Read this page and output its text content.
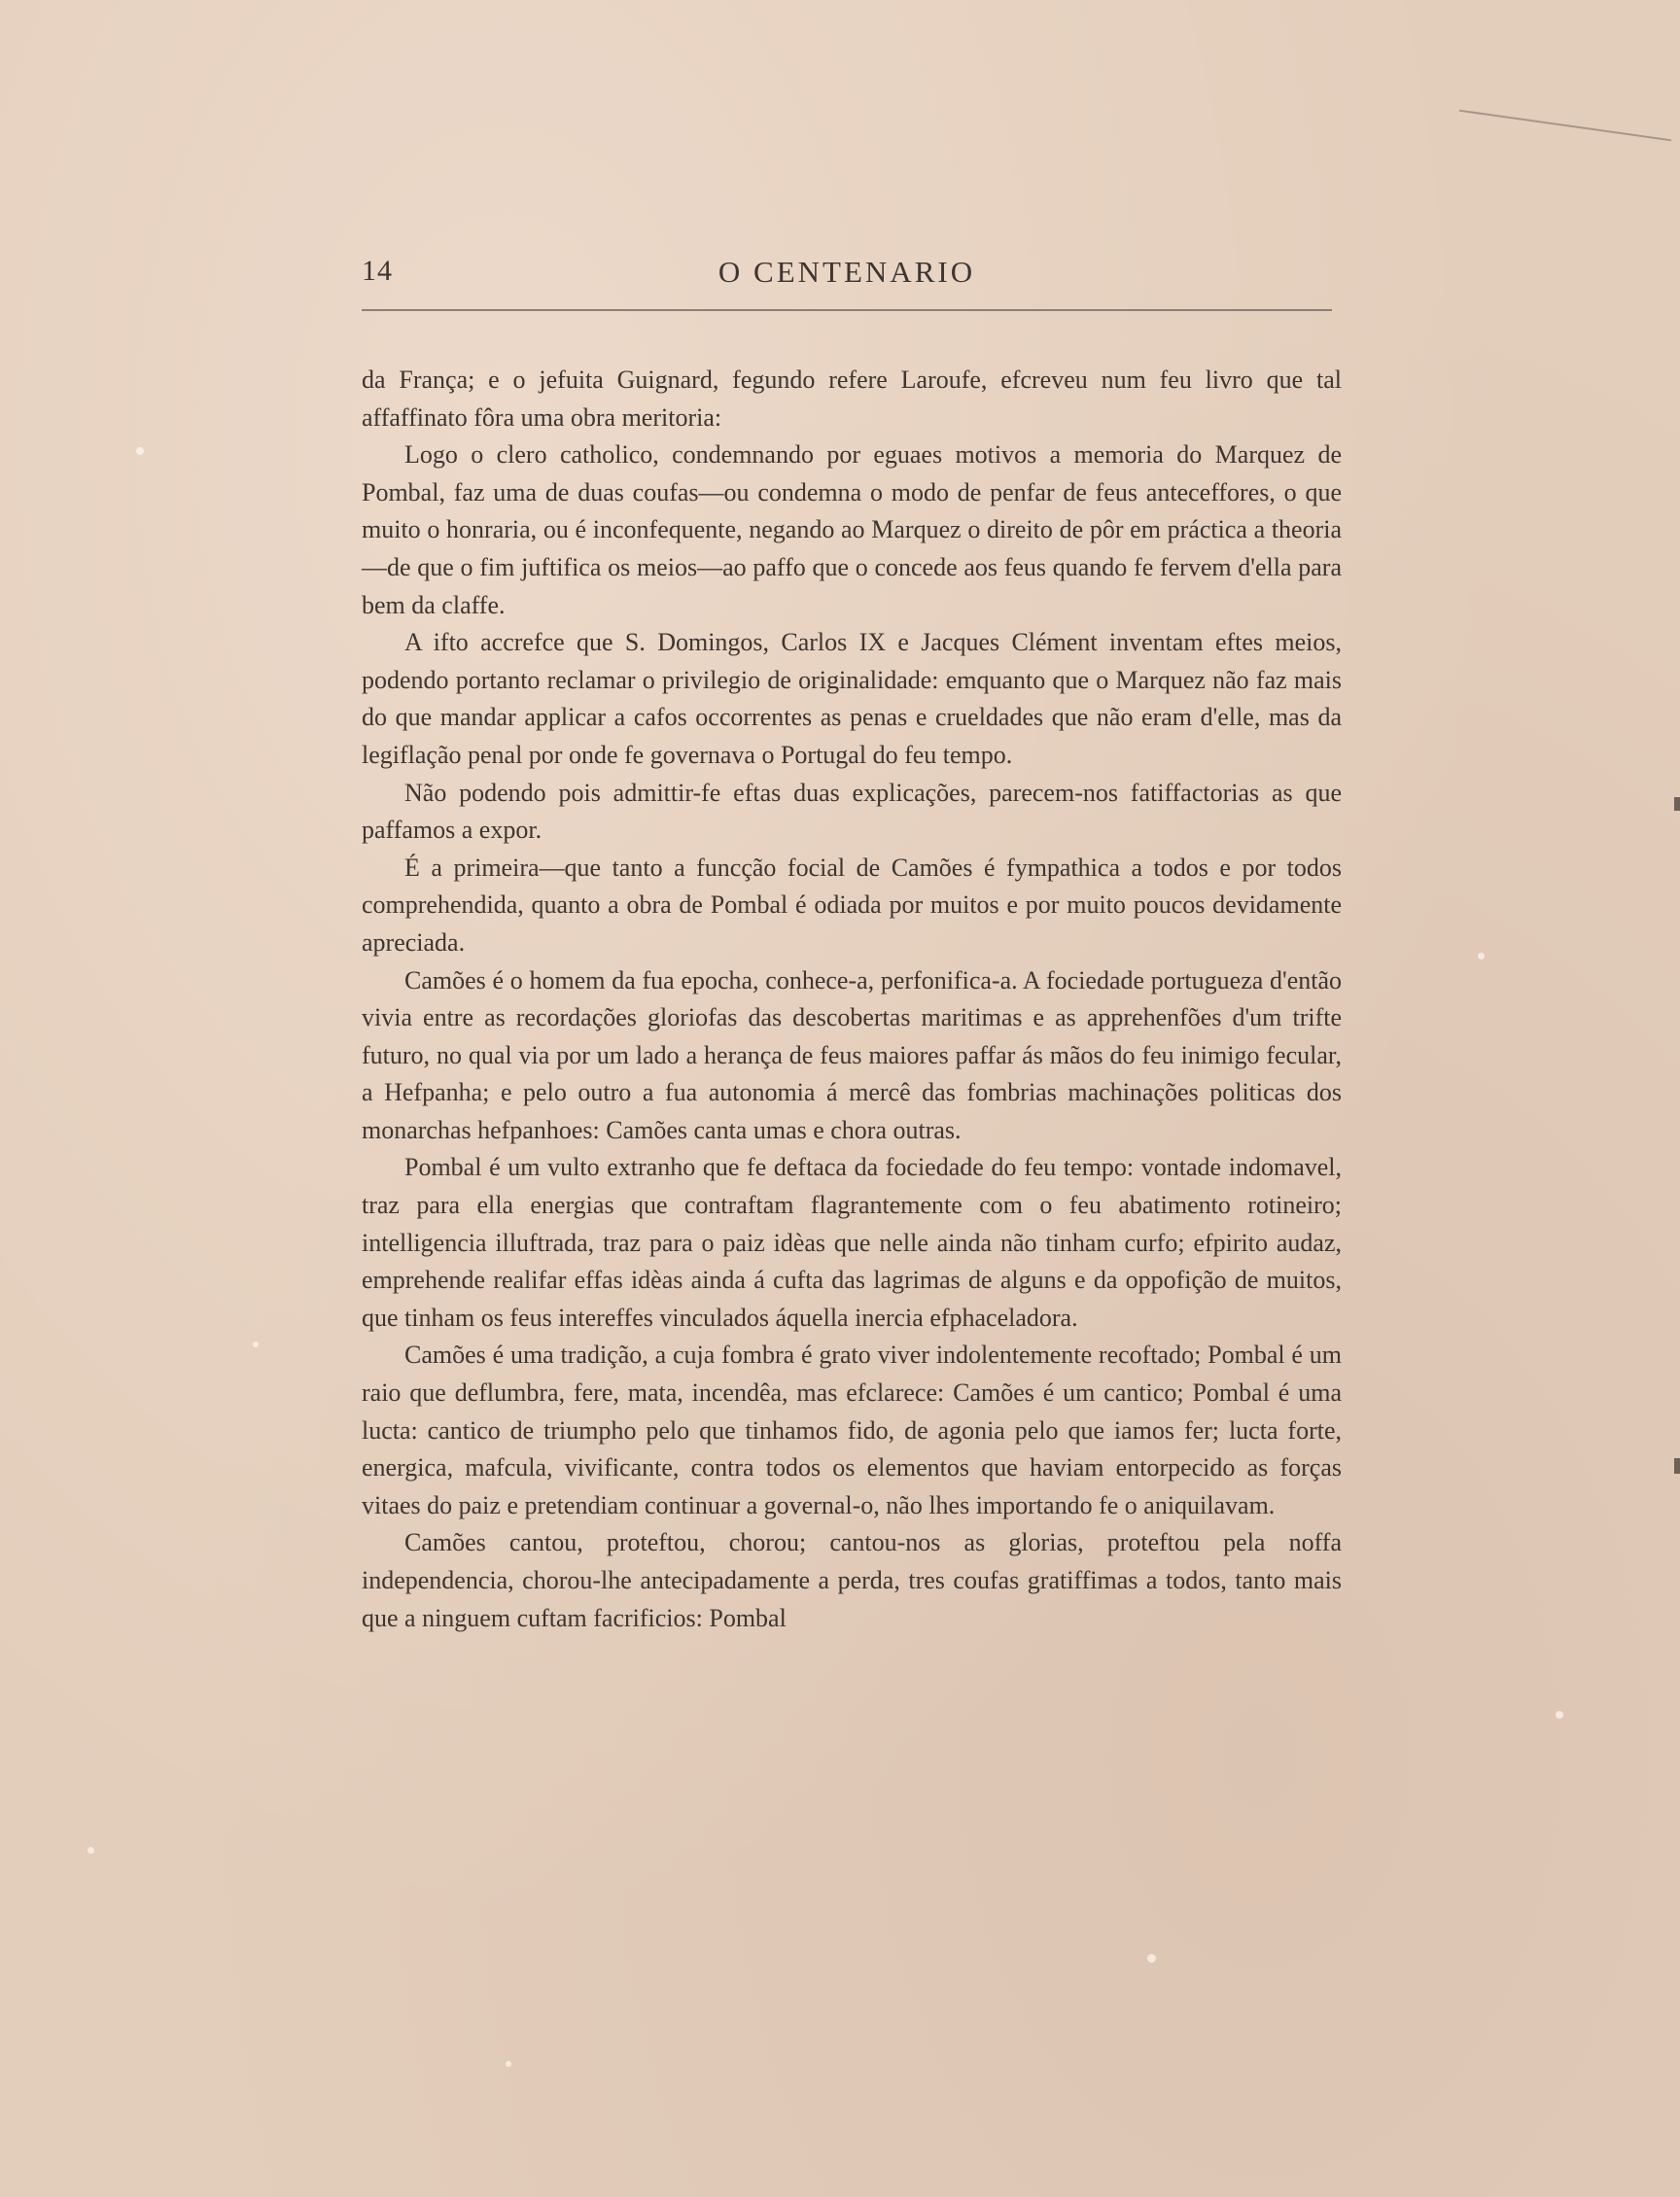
14	O CENTENARIO

da França; e o jefuita Guignard, fegundo refere Laroufe, efcreveu num feu livro que tal affaffinato fôra uma obra meritoria:

Logo o clero catholico, condemnando por eguaes motivos a memoria do Marquez de Pombal, faz uma de duas coufas—ou condemna o modo de penfar de feus anteceffores, o que muito o honraria, ou é inconfequente, negando ao Marquez o direito de pôr em práctica a theoria—de que o fim juftifica os meios—ao paffo que o concede aos feus quando fe fervem d'ella para bem da claffe.

A ifto accrefce que S. Domingos, Carlos IX e Jacques Clément inventam eftes meios, podendo portanto reclamar o privilegio de originalidade: emquanto que o Marquez não faz mais do que mandar applicar a cafos occorrentes as penas e crueldades que não eram d'elle, mas da legiflação penal por onde fe governava o Portugal do feu tempo.

Não podendo pois admittir-fe eftas duas explicações, parecem-nos fatiffactorias as que paffamos a expor.

É a primeira—que tanto a funcção focial de Camões é fympathica a todos e por todos comprehendida, quanto a obra de Pombal é odiada por muitos e por muito poucos devidamente apreciada.

Camões é o homem da fua epocha, conhece-a, perfonifica-a. A fociedade portugueza d'então vivia entre as recordações gloriofas das descobertas maritimas e as apprehenfões d'um trifte futuro, no qual via por um lado a herança de feus maiores paffar ás mãos do feu inimigo fecular, a Hefpanha; e pelo outro a fua autonomia á mercê das fombrias machinações politicas dos monarchas hefpanhoes: Camões canta umas e chora outras.

Pombal é um vulto extranho que fe deftaca da fociedade do feu tempo: vontade indomavel, traz para ella energias que contraftam flagrantemente com o feu abatimento rotineiro; intelligencia illuftrada, traz para o paiz idèas que nelle ainda não tinham curfo; efpirito audaz, emprehende realifar effas idèas ainda á cufta das lagrimas de alguns e da oppofição de muitos, que tinham os feus intereffes vinculados áquella inercia efphaceladora.

Camões é uma tradição, a cuja fombra é grato viver indolentemente recoftado; Pombal é um raio que deflumbra, fere, mata, incendêa, mas efclarece: Camões é um cantico; Pombal é uma lucta: cantico de triumpho pelo que tinhamos fido, de agonia pelo que iamos fer; lucta forte, energica, mafcula, vivificante, contra todos os elementos que haviam entorpecido as forças vitaes do paiz e pretendiam continuar a governal-o, não lhes importando fe o aniquilavam.

Camões cantou, proteftou, chorou; cantou-nos as glorias, proteftou pela noffa independencia, chorou-lhe antecipadamente a perda, tres coufas gratiffimas a todos, tanto mais que a ninguem cuftam facrificios: Pombal
